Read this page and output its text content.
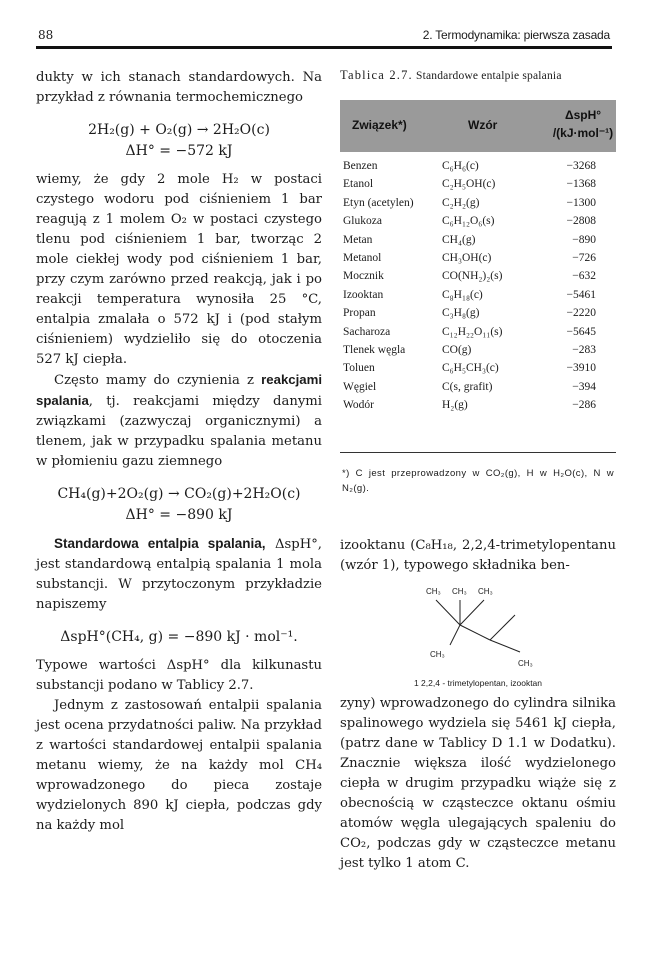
88	2. Termodynamika: pierwsza zasada

dukty w ich stanach standardowych. Na przykład z równania termochemicznego

2H₂(g) + O₂(g) → 2H₂O(c)
ΔH° = −572 kJ

wiemy, że gdy 2 mole H₂ w postaci czystego wodoru pod ciśnieniem 1 bar reagują z 1 molem O₂ w postaci czystego tlenu pod ciśnieniem 1 bar, tworząc 2 mole ciekłej wody pod ciśnieniem 1 bar, przy czym zarówno przed reakcją, jak i po reakcji temperatura wynosiła 25 °C, entalpia zmalała o 572 kJ i (pod stałym ciśnieniem) wydzieliło się do otoczenia 527 kJ ciepła.

Często mamy do czynienia z reakcjami spalania, tj. reakcjami między danymi związkami (zazwyczaj organicznymi) a tlenem, jak w przypadku spalania metanu w płomieniu gazu ziemnego

CH₄(g)+2O₂(g) → CO₂(g)+2H₂O(c)
ΔH° = −890 kJ

Standardowa entalpia spalania, ΔspH°, jest standardową entalpią spalania 1 mola substancji. W przytoczonym przykładzie napiszemy

ΔspH°(CH₄, g) = −890 kJ · mol⁻¹.

Typowe wartości ΔspH° dla kilkunastu substancji podano w Tablicy 2.7.

Jednym z zastosowań entalpii spalania jest ocena przydatności paliw. Na przykład z wartości standardowej entalpii spalania metanu wiemy, że na każdy mol CH₄ wprowadzonego do pieca zostaje wydzielonych 890 kJ ciepła, podczas gdy na każdy mol

Tablica 2.7. Standardowe entalpie spalania
Związek*)	Wzór
ΔspH°
/(kJ·mol⁻¹)
Benzen	C₆H₆(c)	−3268
Etanol	C₂H₅OH(c)	−1368
Etyn (acetylen) C₂H₂(g)	−1300
Glukoza	C₆H₁₂O₆(s)	−2808
Metan	CH₄(g)	−890
Metanol	CH₃OH(c)	−726
Mocznik	CO(NH₂)₂(s)	−632
Izooktan	C₈H₁₈(c)	−5461
Propan	C₃H₈(g)	−2220
Sacharoza	C₁₂H₂₂O₁₁(s)	−5645
Tlenek węgla	CO(g)	−283
Toluen	C₆H₅CH₃(c)	−3910
Węgiel	C(s, grafit)	−394
Wodór	H₂(g)	−286
*) C jest przeprowadzony w CO₂(g), H w H₂O(c), N w N₂(g).

izooktanu (C₈H₁₈, 2,2,4-trimetylopentanu (wzór 1), typowego składnika ben-

CH₃ CH₃ CH₃
CH₃
CH₃
1 2,2,4 - trimetylopentan, izooktan

zyny) wprowadzonego do cylindra silnika spalinowego wydziela się 5461 kJ ciepła, (patrz dane w Tablicy D 1.1 w Dodatku). Znacznie większa ilość wydzielonego ciepła w drugim przypadku wiąże się z obecnością w cząsteczce oktanu ośmiu atomów węgla ulegających spaleniu do CO₂, podczas gdy w cząsteczce metanu jest tylko 1 atom C.
